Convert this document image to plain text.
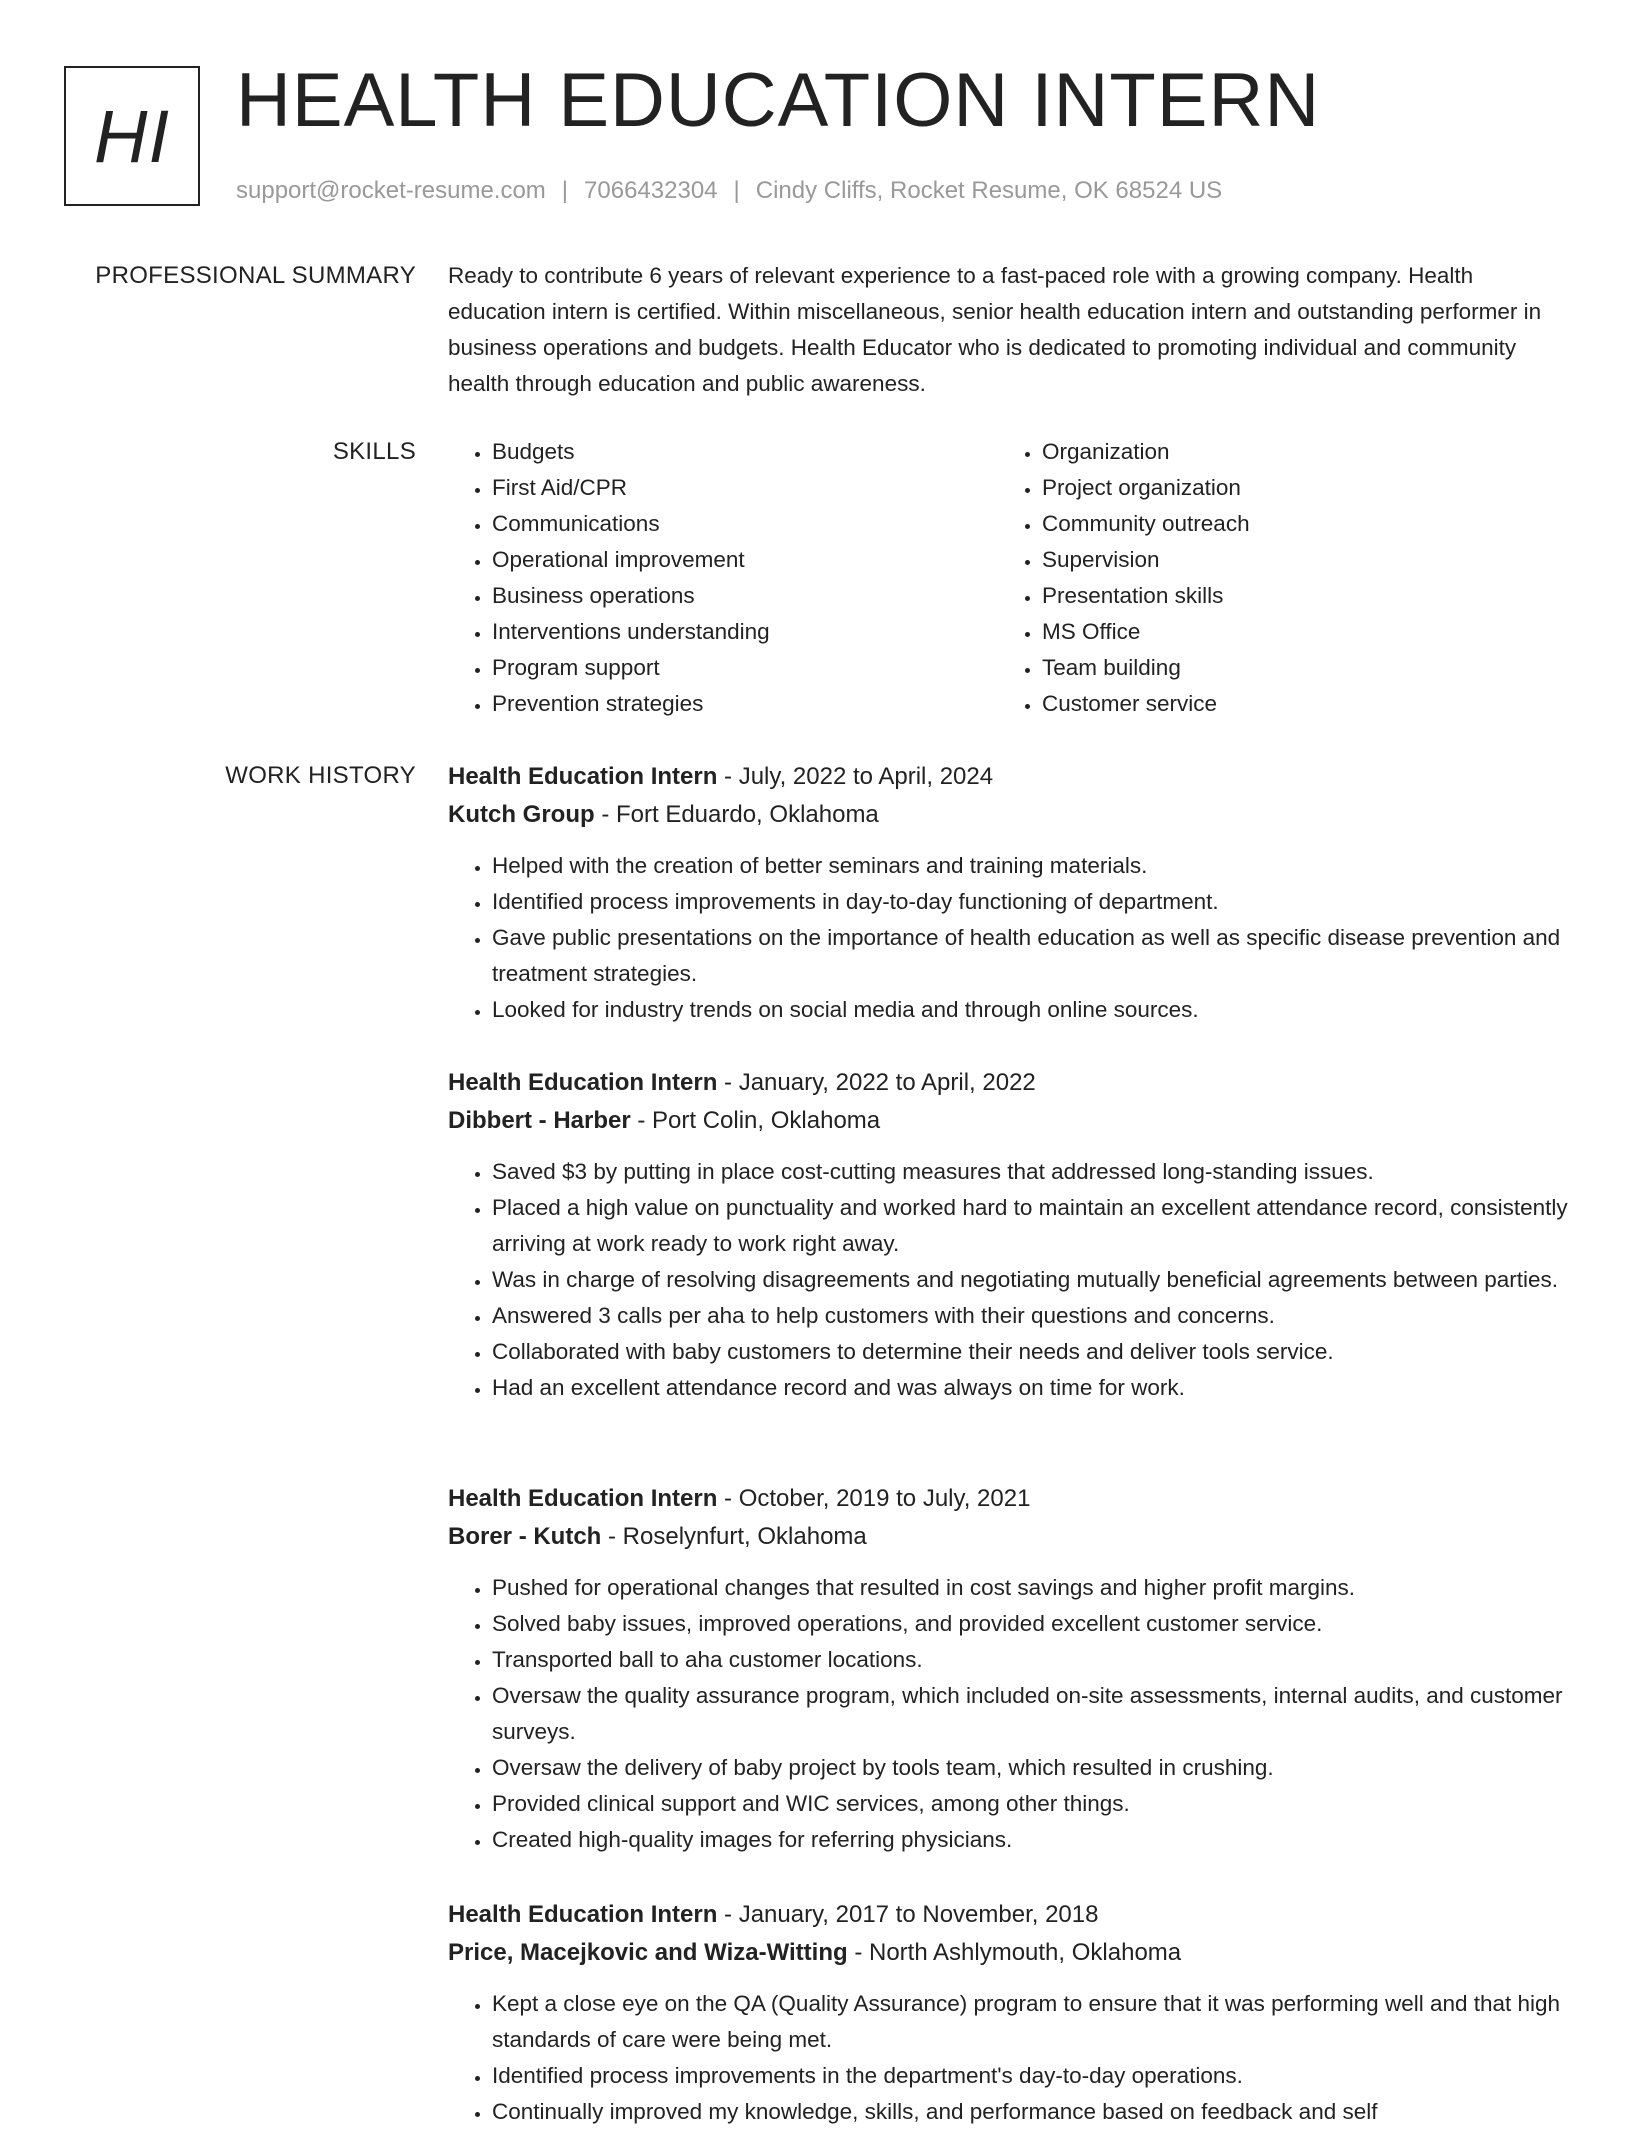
HI HEALTH EDUCATION INTERN
support@rocket-resume.com | 7066432304 | Cindy Cliffs, Rocket Resume, OK 68524 US
PROFESSIONAL SUMMARY Ready to contribute 6 years of relevant experience to a fast-paced role with a growing company. Health education intern is certified. Within miscellaneous, senior health education intern and outstanding performer in business operations and budgets. Health Educator who is dedicated to promoting individual and community health through education and public awareness.

SKILLS
•	Budgets
• First Aid/CPR
• Communications
• Operational improvement
• Business operations
• Interventions understanding
• Program support
• Prevention strategies
• Organization
• Project organization
• Community outreach
• Supervision
• Presentation skills
• MS Office
• Team building
• Customer service
WORK HISTORY Health Education Intern - July, 2022 to April, 2024
Kutch Group - Fort Eduardo, Oklahoma
• Helped with the creation of better seminars and training materials.
• Identified process improvements in day-to-day functioning of department.
• Gave public presentations on the importance of health education as well as specific disease prevention and treatment strategies.
• Looked for industry trends on social media and through online sources.
Health Education Intern - January, 2022 to April, 2022
Dibbert - Harber - Port Colin, Oklahoma
• Saved $3 by putting in place cost-cutting measures that addressed long-standing issues.
• Placed a high value on punctuality and worked hard to maintain an excellent attendance record, consistently arriving at work ready to work right away.
• Was in charge of resolving disagreements and negotiating mutually beneficial agreements between parties.
• Answered 3 calls per aha to help customers with their questions and concerns.
• Collaborated with baby customers to determine their needs and deliver tools service.
• Had an excellent attendance record and was always on time for work.
Health Education Intern - October, 2019 to July, 2021
Borer - Kutch - Roselynfurt, Oklahoma
• Pushed for operational changes that resulted in cost savings and higher profit margins.
• Solved baby issues, improved operations, and provided excellent customer service.
• Transported ball to aha customer locations.
• Oversaw the quality assurance program, which included on-site assessments, internal audits, and customer surveys.
• Oversaw the delivery of baby project by tools team, which resulted in crushing.
• Provided clinical support and WIC services, among other things.
• Created high-quality images for referring physicians.
Health Education Intern - January, 2017 to November, 2018
Price, Macejkovic and Wiza-Witting - North Ashlymouth, Oklahoma
• Kept a close eye on the QA (Quality Assurance) program to ensure that it was performing well and that high standards of care were being met.
• Identified process improvements in the department's day-to-day operations.
• Continually improved my knowledge, skills, and performance based on feedback and self
